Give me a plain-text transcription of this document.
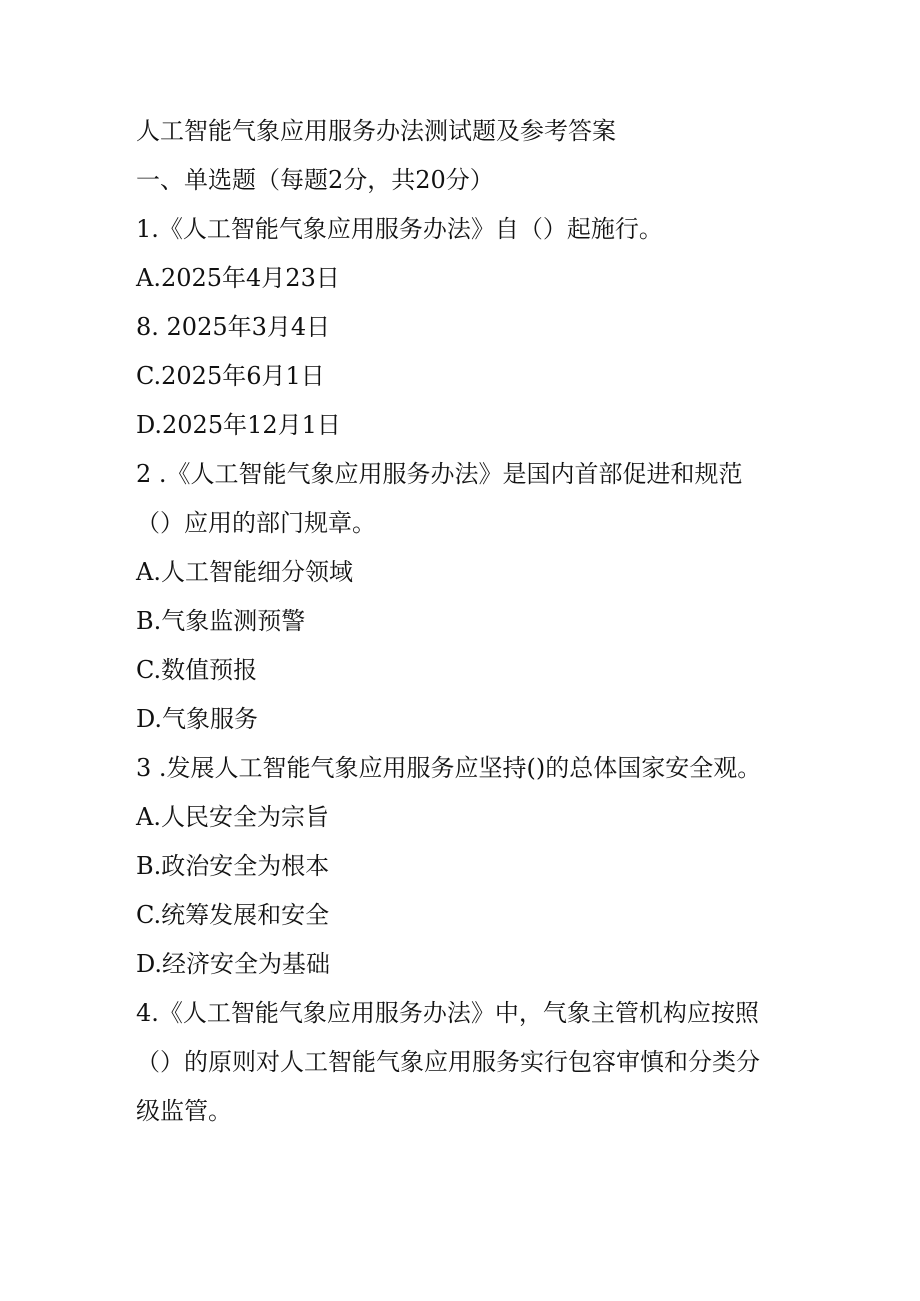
人工智能气象应用服务办法测试题及参考答案
一、单选题（每题2分，共20分）
1.《人工智能气象应用服务办法》自（）起施行。
A.2025年4月23日
8. 2025年3月4日
C.2025年6月1日
D.2025年12月1日
2 .《人工智能气象应用服务办法》是国内首部促进和规范
（）应用的部门规章。
A.人工智能细分领域
B.气象监测预警
C.数值预报
D.气象服务
3 .发展人工智能气象应用服务应坚持()的总体国家安全观。
A.人民安全为宗旨
B.政治安全为根本
C.统筹发展和安全
D.经济安全为基础
4.《人工智能气象应用服务办法》中，气象主管机构应按照
（）的原则对人工智能气象应用服务实行包容审慎和分类分
级监管。
